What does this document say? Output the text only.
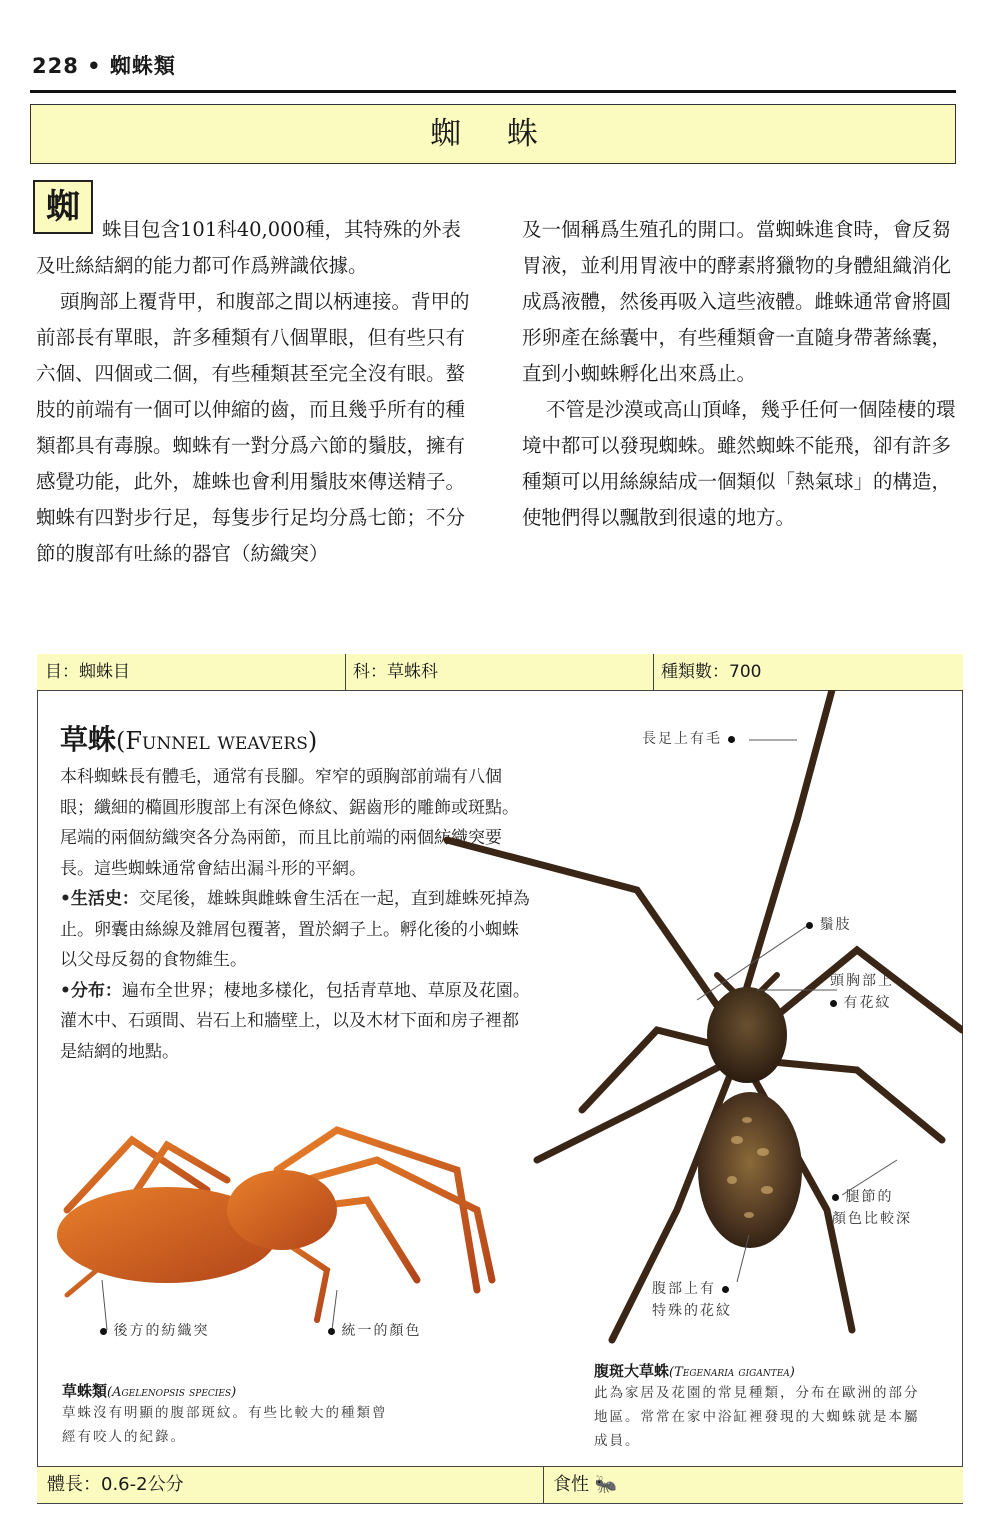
228 • 蜘蛛類
蜘 蛛
蜘

蛛目包含101科40,000種，其特殊的外表及吐絲結網的能力都可作爲辨識依據。

頭胸部上覆背甲，和腹部之間以柄連接。背甲的前部長有單眼，許多種類有八個單眼，但有些只有六個、四個或二個，有些種類甚至完全沒有眼。螯肢的前端有一個可以伸縮的齒，而且幾乎所有的種類都具有毒腺。蜘蛛有一對分爲六節的鬚肢，擁有感覺功能，此外，雄蛛也會利用鬚肢來傳送精子。蜘蛛有四對步行足，每隻步行足均分爲七節；不分節的腹部有吐絲的器官（紡織突）

及一個稱爲生殖孔的開口。當蜘蛛進食時，會反芻胃液，並利用胃液中的酵素將獵物的身體組織消化成爲液體，然後再吸入這些液體。雌蛛通常會將圓形卵產在絲囊中，有些種類會一直隨身帶著絲囊，直到小蜘蛛孵化出來爲止。

不管是沙漠或高山頂峰，幾乎任何一個陸棲的環境中都可以發現蜘蛛。雖然蜘蛛不能飛，卻有許多種類可以用絲線結成一個類似「熱氣球」的構造，使牠們得以飄散到很遠的地方。

目：蜘蛛目	科：草蛛科	種類數：700
草蛛(Funnel weavers)

本科蜘蛛長有體毛，通常有長腳。窄窄的頭胸部前端有八個眼；纖細的橢圓形腹部上有深色條紋、鋸齒形的雕飾或斑點。尾端的兩個紡織突各分為兩節，而且比前端的兩個紡織突要長。這些蜘蛛通常會結出漏斗形的平網。

•生活史：交尾後，雄蛛與雌蛛會生活在一起，直到雄蛛死掉為止。卵囊由絲線及雜屑包覆著，置於網子上。孵化後的小蜘蛛以父母反芻的食物維生。

•分布：遍布全世界；棲地多樣化，包括青草地、草原及花園。灌木中、石頭間、岩石上和牆壁上，以及木材下面和房子裡都是結網的地點。

長足上有毛
鬚肢
頭胸部上
有花紋
腿節的
顏色比較深
腹部上有
特殊的花紋
後方的紡織突	統一的顏色
草蛛類(Agelenopsis species)
草蛛沒有明顯的腹部斑紋。有些比較大的種類曾經有咬人的紀錄。
腹斑大草蛛(Tegenaria gigantea)
此為家居及花園的常見種類，分布在歐洲的部分地區。常常在家中浴缸裡發現的大蜘蛛就是本屬成員。
體長：0.6-2公分	食性 🐜
